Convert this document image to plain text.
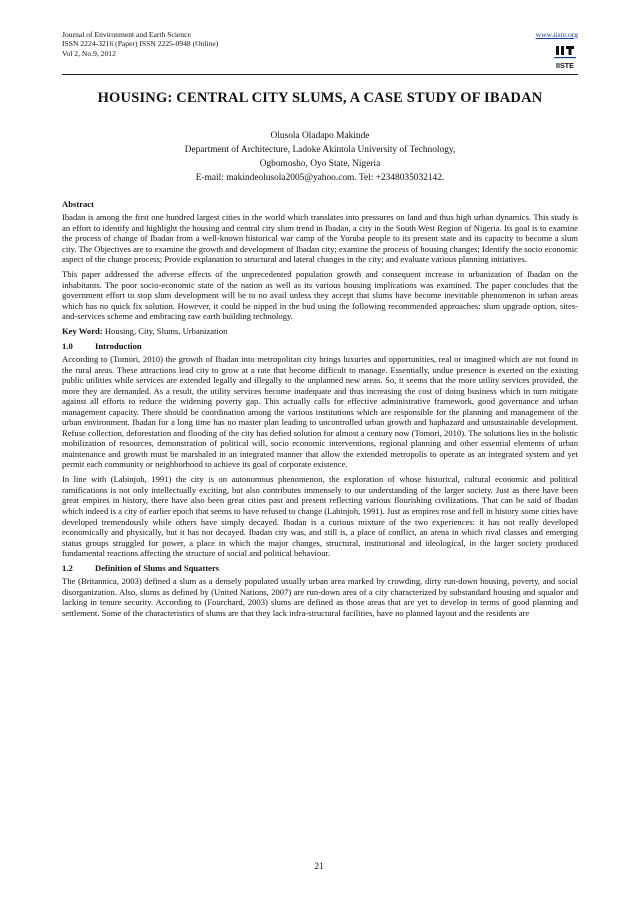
Journal of Environment and Earth Science
ISSN 2224-3216 (Paper) ISSN 2225-0948 (Online)
Vol 2, No.9, 2012
www.iiste.org
IISTE
HOUSING: CENTRAL CITY SLUMS, A CASE STUDY OF IBADAN
Olusola Oladapo Makinde
Department of Architecture, Ladoke Akintola University of Technology,
Ogbomosho, Oyo State, Nigeria
E-mail: makindeolusola2005@yahoo.com. Tel: +2348035032142.
Abstract

Ibadan is among the first one hundred largest cities in the world which translates into pressures on land and thus high urban dynamics. This study is an effort to identify and highlight the housing and central city slum trend in Ibadan, a city in the South West Region of Nigeria. Its goal is to examine the process of change of Ibadan from a well-known historical war camp of the Yoruba people to its present state and its capacity to become a slum city. The Objectives are to examine the growth and development of Ibadan city; examine the process of housing changes; Identify the socio economic aspect of the change process; Provide explanation to structural and lateral changes in the city; and evaluate various planning initiatives.

This paper addressed the adverse effects of the unprecedented population growth and consequent increase in urbanization of Ibadan on the inhabitants. The poor socio-economic state of the nation as well as its various housing implications was examined. The paper concludes that the government effort to stop slum development will be to no avail unless they accept that slums have become inevitable phenomenon in urban areas which has no quick fix solution. However, it could be nipped in the bud using the following recommended approaches: slum upgrade option, sites-and-services scheme and embracing raw earth building technology.

Key Word: Housing, City, Slums, Urbanization

1.0	Introduction

According to (Tomori, 2010) the growth of Ibadan into metropolitan city brings luxuries and opportunities, real or imagined which are not found in the rural areas. These attractions lead city to grow at a rate that become difficult to manage. Essentially, undue presence is exerted on the existing public utilities while services are extended legally and illegally to the unplanned new areas. So, it seems that the more utility services provided, the more they are demanded. As a result, the utility services become inadequate and thus increasing the cost of doing business which in turn mitigate against all efforts to reduce the widening poverty gap. This actually calls for effective administrative framework, good governance and urban management capacity. There should be coordination among the various institutions which are responsible for the planning and management of the urban environment. Ibadan for a long time has no master plan leading to uncontrolled urban growth and haphazard and unsustainable development. Refuse collection, deforestation and flooding of the city has defied solution for almost a century now (Tomori, 2010). The solutions lies in the holistic mobilization of resources, demonstration of political will, socio economic interventions, regional planning and other essential elements of urban maintenance and growth must be marshaled in an integrated manner that allow the extended metropolis to operate as an integrated system and yet permit each community or neighborhood to achieve its goal of corporate existence.

In line with (Labinjoh, 1991) the city is on autonomous phenomenon, the exploration of whose historical, cultural economic and political ramifications is not only intellectually exciting, but also contributes immensely to our understanding of the larger society. Just as there have been great empires in history, there have also been great cities past and present reflecting various flourishing civilizations. That can be said of Ibadan which indeed is a city of earlier epoch that seems to have refused to change (Labinjoh, 1991). Just as empires rose and fell in history some cities have developed tremendously while others have simply decayed. Ibadan is a curious mixture of the two experiences: it has not really developed economically and physically, but it has not decayed. Ibadan city was, and still is, a place of conflict, an arena in which rival classes and emerging status groups struggled for power, a place in which the major changes, structural, institutional and ideological, in the larger society produced fundamental reactions affecting the structure of social and political behaviour.

1.2	Definition of Slums and Squatters

The (Britannica, 2003) defined a slum as a densely populated usually urban area marked by crowding, dirty run-down housing, poverty, and social disorganization. Also, slums as defined by (United Nations, 2007) are run-down area of a city characterized by substandard housing and squalor and lacking in tenure security. According to (Fourchard, 2003) slums are defined as those areas that are yet to develop in terms of good planning and settlement. Some of the characteristics of slums are that they lack infra-structural facilities, have no planned layout and the residents are

21
